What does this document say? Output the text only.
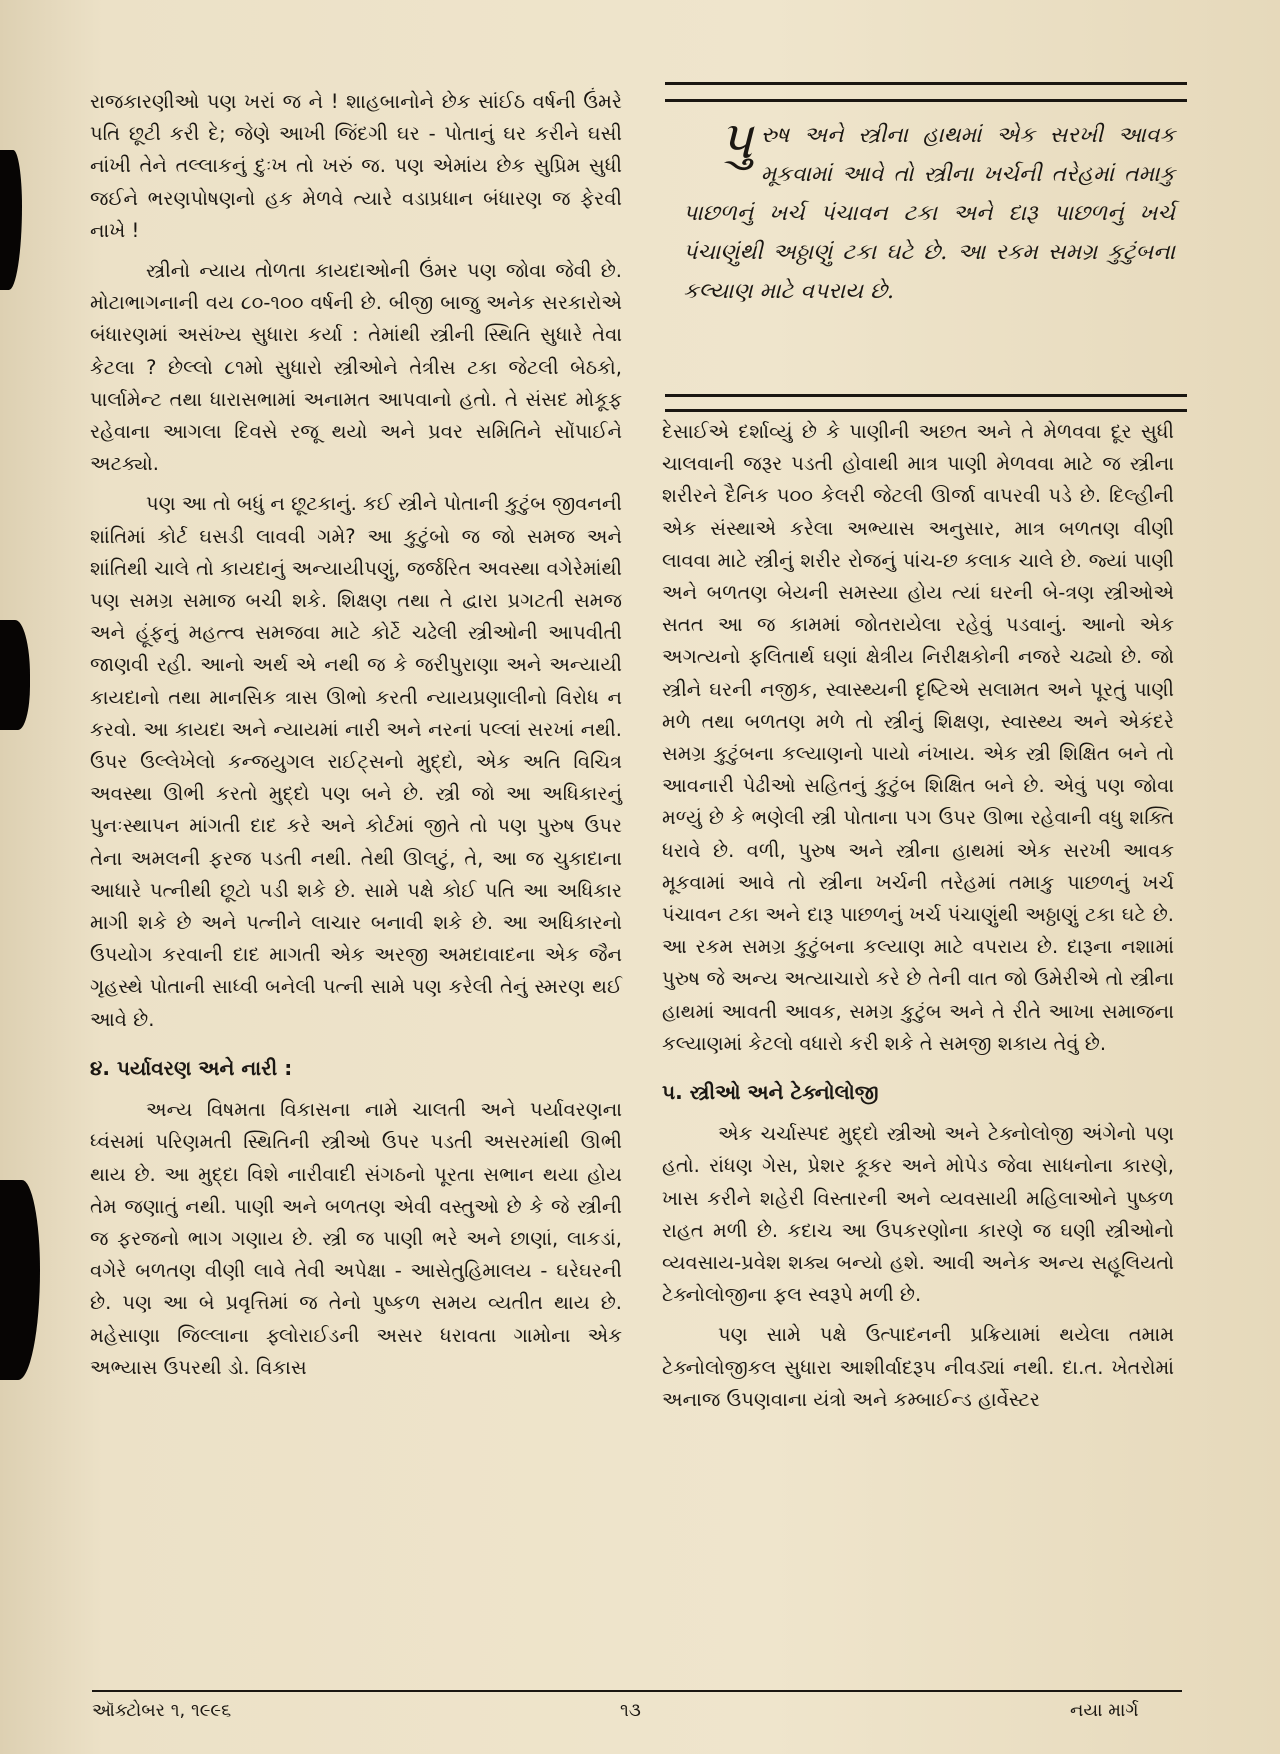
રાજકારણીઓ પણ ખરાં જ ને ! શાહબાનોને છેક સાંઈઠ વર્ષની ઉંમરે પતિ છૂટી કરી દે; જેણે આખી જિંદગી ઘર - પોતાનું ઘર કરીને ઘસી નાંખી તેને તલ્લાકનું દુઃખ તો ખરું જ. પણ એમાંય છેક સુપ્રિમ સુધી જઈને ભરણપોષણનો હક મેળવે ત્યારે વડાપ્રધાન બંધારણ જ ફેરવી નાખે !

સ્ત્રીનો ન્યાય તોળતા કાયદાઓની ઉંમર પણ જોવા જેવી છે. મોટાભાગનાની વય ૮૦-૧૦૦ વર્ષની છે. બીજી બાજુ અનેક સરકારોએ બંધારણમાં અસંખ્ય સુધારા કર્યા : તેમાંથી સ્ત્રીની સ્થિતિ સુધારે તેવા કેટલા ? છેલ્લો ૮૧મો સુધારો સ્ત્રીઓને તેત્રીસ ટકા જેટલી બેઠકો, પાર્લામેન્ટ તથા ધારાસભામાં અનામત આપવાનો હતો. તે સંસદ મોકૂફ રહેવાના આગલા દિવસે રજૂ થયો અને પ્રવર સમિતિને સોંપાઈને અટક્યો.

પણ આ તો બધું ન છૂટકાનું. કઈ સ્ત્રીને પોતાની કુટુંબ જીવનની શાંતિમાં કોર્ટ ઘસડી લાવવી ગમે? આ કુટુંબો જ જો સમજ અને શાંતિથી ચાલે તો કાયદાનું અન્યાયીપણું, જર્જરિત અવસ્થા વગેરેમાંથી પણ સમગ્ર સમાજ બચી શકે. શિક્ષણ તથા તે દ્વારા પ્રગટતી સમજ અને હૂંફનું મહત્ત્વ સમજવા માટે કોર્ટે ચઢેલી સ્ત્રીઓની આપવીતી જાણવી રહી. આનો અર્થ એ નથી જ કે જરીપુરાણા અને અન્યાયી કાયદાનો તથા માનસિક ત્રાસ ઊભો કરતી ન્યાયપ્રણાલીનો વિરોધ ન કરવો. આ કાયદા અને ન્યાયમાં નારી અને નરનાં પલ્લાં સરખાં નથી. ઉપર ઉલ્લેખેલો કન્જયુગલ રાઈટ્સનો મુદ્દો, એક અતિ વિચિત્ર અવસ્થા ઊભી કરતો મુદ્દો પણ બને છે. સ્ત્રી જો આ અધિકારનું પુનઃસ્થાપન માંગતી દાદ કરે અને કોર્ટમાં જીતે તો પણ પુરુષ ઉપર તેના અમલની ફરજ પડતી નથી. તેથી ઊલટું, તે, આ જ ચુકાદાના આધારે પત્નીથી છૂટો પડી શકે છે. સામે પક્ષે કોઈ પતિ આ અધિકાર માગી શકે છે અને પત્નીને લાચાર બનાવી શકે છે. આ અધિકારનો ઉપયોગ કરવાની દાદ માગતી એક અરજી અમદાવાદના એક જૈન ગૃહસ્થે પોતાની સાધ્વી બનેલી પત્ની સામે પણ કરેલી તેનું સ્મરણ થઈ આવે છે.

૪. પર્યાવરણ અને નારી :

અન્ય વિષમતા વિકાસના નામે ચાલતી અને પર્યાવરણના ધ્વંસમાં પરિણમતી સ્થિતિની સ્ત્રીઓ ઉપર પડતી અસરમાંથી ઊભી થાય છે. આ મુદ્દા વિશે નારીવાદી સંગઠનો પૂરતા સભાન થયા હોય તેમ જણાતું નથી. પાણી અને બળતણ એવી વસ્તુઓ છે કે જે સ્ત્રીની જ ફરજનો ભાગ ગણાય છે. સ્ત્રી જ પાણી ભરે અને છાણાં, લાકડાં, વગેરે બળતણ વીણી લાવે તેવી અપેક્ષા - આસેતુહિમાલય - ઘરેઘરની છે. પણ આ બે પ્રવૃત્તિમાં જ તેનો પુષ્કળ સમય વ્યતીત થાય છે. મહેસાણા જિલ્લાના ફ્લોરાઈડની અસર ધરાવતા ગામોના એક અભ્યાસ ઉપરથી ડો. વિકાસ

પુરુષ અને સ્ત્રીના હાથમાં એક સરખી આવક મૂકવામાં આવે તો સ્ત્રીના ખર્ચની તરેહમાં તમાકુ પાછળનું ખર્ચ પંચાવન ટકા અને દારૂ પાછળનું ખર્ચ પંચાણુંથી અઠ્ઠાણું ટકા ઘટે છે. આ રકમ સમગ્ર કુટુંબના કલ્યાણ માટે વપરાય છે.

દેસાઈએ દર્શાવ્યું છે કે પાણીની અછત અને તે મેળવવા દૂર સુધી ચાલવાની જરૂર પડતી હોવાથી માત્ર પાણી મેળવવા માટે જ સ્ત્રીના શરીરને દૈનિક ૫૦૦ કેલરી જેટલી ઊર્જા વાપરવી પડે છે. દિલ્હીની એક સંસ્થાએ કરેલા અભ્યાસ અનુસાર, માત્ર બળતણ વીણી લાવવા માટે સ્ત્રીનું શરીર રોજનું પાંચ-છ કલાક ચાલે છે. જ્યાં પાણી અને બળતણ બેયની સમસ્યા હોય ત્યાં ઘરની બે-ત્રણ સ્ત્રીઓએ સતત આ જ કામમાં જોતરાયેલા રહેવું પડવાનું. આનો એક અગત્યનો ફલિતાર્થ ઘણાં ક્ષેત્રીય નિરીક્ષકોની નજરે ચઢ્યો છે. જો સ્ત્રીને ઘરની નજીક, સ્વાસ્થ્યની દૃષ્ટિએ સલામત અને પૂરતું પાણી મળે તથા બળતણ મળે તો સ્ત્રીનું શિક્ષણ, સ્વાસ્થ્ય અને એકંદરે સમગ્ર કુટુંબના કલ્યાણનો પાયો નંખાય. એક સ્ત્રી શિક્ષિત બને તો આવનારી પેઢીઓ સહિતનું કુટુંબ શિક્ષિત બને છે. એવું પણ જોવા મળ્યું છે કે ભણેલી સ્ત્રી પોતાના પગ ઉપર ઊભા રહેવાની વધુ શક્તિ ધરાવે છે. વળી, પુરુષ અને સ્ત્રીના હાથમાં એક સરખી આવક મૂકવામાં આવે તો સ્ત્રીના ખર્ચની તરેહમાં તમાકુ પાછળનું ખર્ચ પંચાવન ટકા અને દારૂ પાછળનું ખર્ચ પંચાણુંથી અઠ્ઠાણું ટકા ઘટે છે. આ રકમ સમગ્ર કુટુંબના કલ્યાણ માટે વપરાય છે. દારૂના નશામાં પુરુષ જે અન્ય અત્યાચારો કરે છે તેની વાત જો ઉમેરીએ તો સ્ત્રીના હાથમાં આવતી આવક, સમગ્ર કુટુંબ અને તે રીતે આખા સમાજના કલ્યાણમાં કેટલો વધારો કરી શકે તે સમજી શકાય તેવું છે.

૫. સ્ત્રીઓ અને ટેક્નોલોજી

એક ચર્ચાસ્પદ મુદ્દો સ્ત્રીઓ અને ટેક્નોલોજી અંગેનો પણ હતો. રાંધણ ગેસ, પ્રેશર કૂકર અને મોપેડ જેવા સાધનોના કારણે, ખાસ કરીને શહેરી વિસ્તારની અને વ્યવસાયી મહિલાઓને પુષ્કળ રાહત મળી છે. કદાચ આ ઉપકરણોના કારણે જ ઘણી સ્ત્રીઓનો વ્યવસાય-પ્રવેશ શક્ય બન્યો હશે. આવી અનેક અન્ય સહૂલિયતો ટેક્નોલોજીના ફલ સ્વરૂપે મળી છે.

પણ સામે પક્ષે ઉત્પાદનની પ્રક્રિયામાં થયેલા તમામ ટેક્નોલોજીકલ સુધારા આશીર્વાદરૂપ નીવડ્યાં નથી. દા.ત. ખેતરોમાં અનાજ ઉપણવાના યંત્રો અને કમ્બાઈન્ડ હાર્વેસ્ટર

ઑક્ટોબર ૧, ૧૯૯૬	૧૩	નયા માર્ગ
